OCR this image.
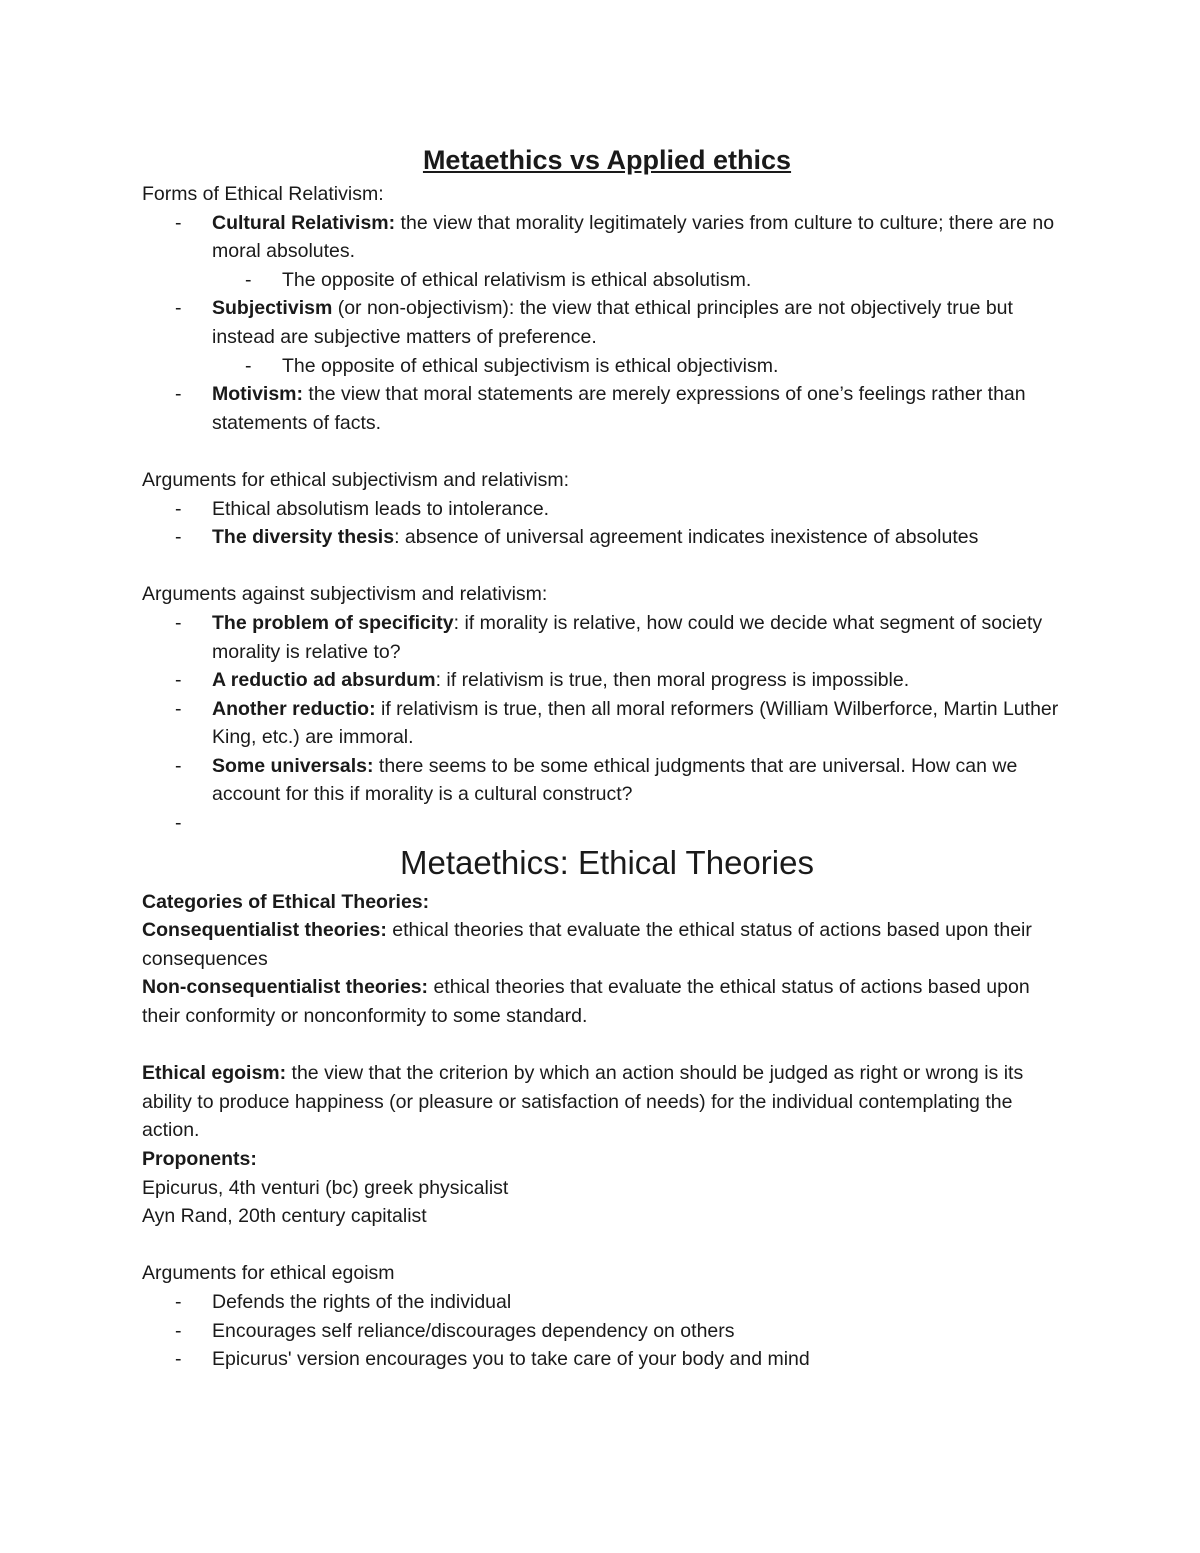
Metaethics vs Applied ethics

Forms of Ethical Relativism:

- Cultural Relativism: the view that morality legitimately varies from culture to culture; there are no moral absolutes.
- The opposite of ethical relativism is ethical absolutism.
- Subjectivism (or non-objectivism): the view that ethical principles are not objectively true but instead are subjective matters of preference.
- The opposite of ethical subjectivism is ethical objectivism.
- Motivism: the view that moral statements are merely expressions of one’s feelings rather than statements of facts.

Arguments for ethical subjectivism and relativism:

- Ethical absolutism leads to intolerance.
- The diversity thesis: absence of universal agreement indicates inexistence of absolutes

Arguments against subjectivism and relativism:

- The problem of specificity: if morality is relative, how could we decide what segment of society morality is relative to?
- A reductio ad absurdum: if relativism is true, then moral progress is impossible.
- Another reductio: if relativism is true, then all moral reformers (William Wilberforce, Martin Luther King, etc.) are immoral.
- Some universals: there seems to be some ethical judgments that are universal. How can we account for this if morality is a cultural construct?
-

Metaethics: Ethical Theories

Categories of Ethical Theories:

Consequentialist theories: ethical theories that evaluate the ethical status of actions based upon their consequences

Non-consequentialist theories: ethical theories that evaluate the ethical status of actions based upon their conformity or nonconformity to some standard.

Ethical egoism: the view that the criterion by which an action should be judged as right or wrong is its ability to produce happiness (or pleasure or satisfaction of needs) for the individual contemplating the action.

Proponents:

Epicurus, 4th venturi (bc) greek physicalist

Ayn Rand, 20th century capitalist

Arguments for ethical egoism

- Defends the rights of the individual
- Encourages self reliance/discourages dependency on others
- Epicurus' version encourages you to take care of your body and mind
